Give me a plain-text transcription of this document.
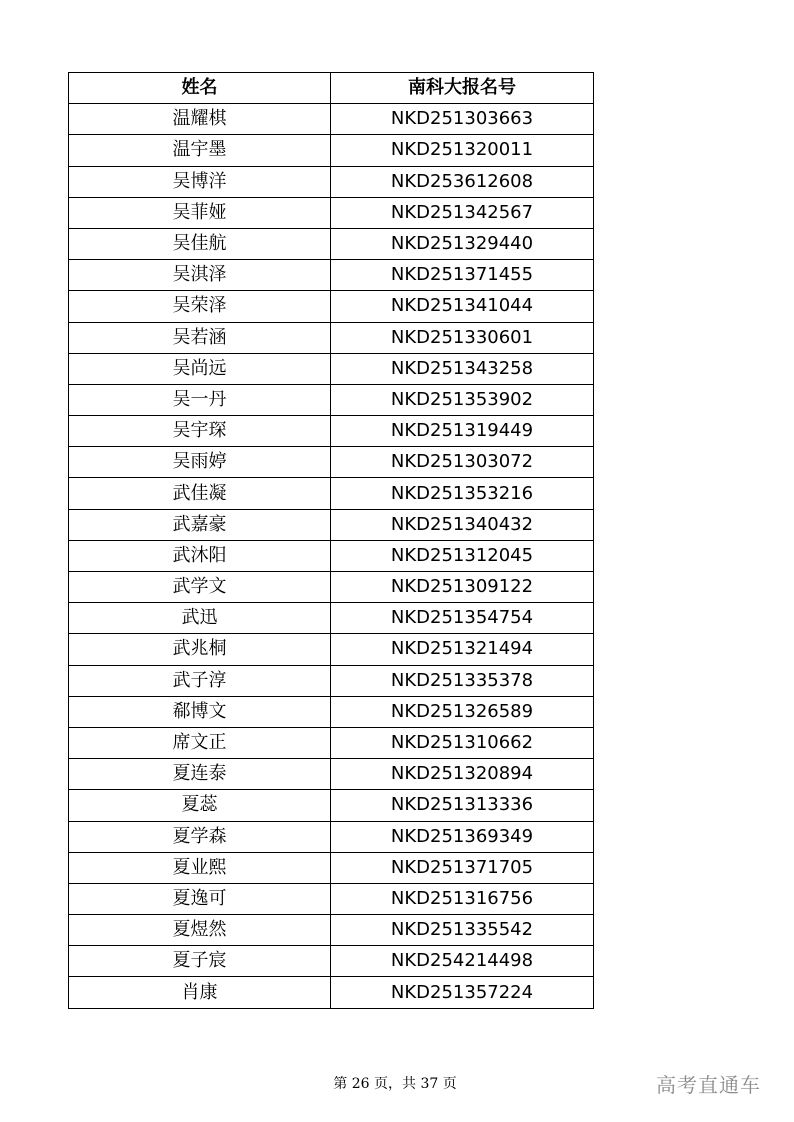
姓名	南科大报名号
温耀棋	NKD251303663
温宇墨	NKD251320011
吴博洋	NKD253612608
吴菲娅	NKD251342567
吴佳航	NKD251329440
吴淇泽	NKD251371455
吴荣泽	NKD251341044
吴若涵	NKD251330601
吴尚远	NKD251343258
吴一丹	NKD251353902
吴宇琛	NKD251319449
吴雨婷	NKD251303072
武佳凝	NKD251353216
武嘉豪	NKD251340432
武沐阳	NKD251312045
武学文	NKD251309122
武迅	NKD251354754
武兆桐	NKD251321494
武子淳	NKD251335378
郗博文	NKD251326589
席文正	NKD251310662
夏连泰	NKD251320894
夏蕊	NKD251313336
夏学森	NKD251369349
夏业熙	NKD251371705
夏逸可	NKD251316756
夏煜然	NKD251335542
夏子宸	NKD254214498
肖康	NKD251357224
第 26 页，共 37 页	高考直通车
